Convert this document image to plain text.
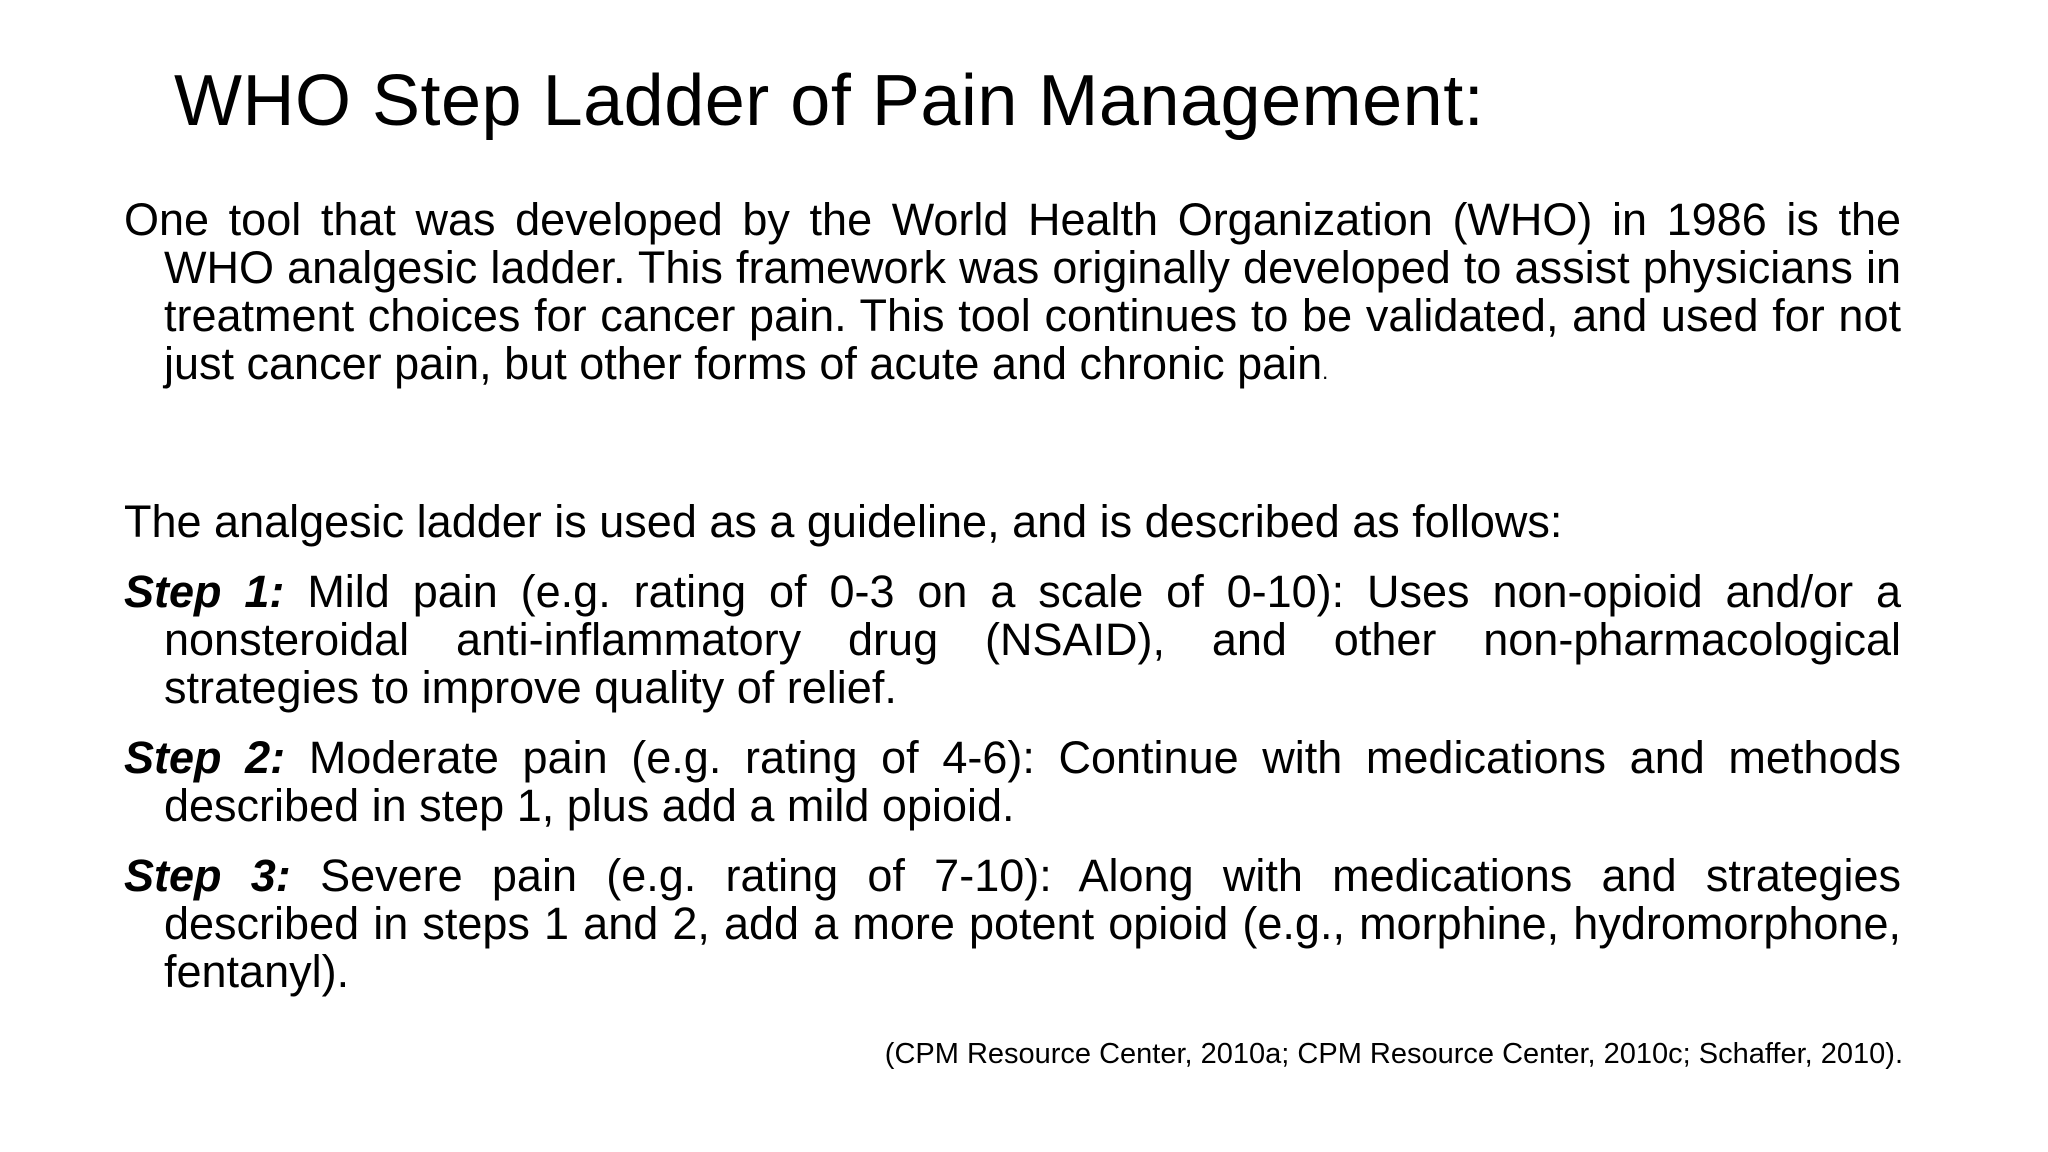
WHO Step Ladder of Pain Management:

One tool that was developed by the World Health Organization (WHO) in 1986 is the WHO analgesic ladder. This framework was originally developed to assist physicians in treatment choices for cancer pain. This tool continues to be validated, and used for not just cancer pain, but other forms of acute and chronic pain.

The analgesic ladder is used as a guideline, and is described as follows:

Step 1: Mild pain (e.g. rating of 0-3 on a scale of 0-10): Uses non-opioid and/or a nonsteroidal anti-inflammatory drug (NSAID), and other non-pharmacological strategies to improve quality of relief.

Step 2: Moderate pain (e.g. rating of 4-6): Continue with medications and methods described in step 1, plus add a mild opioid.

Step 3: Severe pain (e.g. rating of 7-10): Along with medications and strategies described in steps 1 and 2, add a more potent opioid (e.g., morphine, hydromorphone, fentanyl).

(CPM Resource Center, 2010a; CPM Resource Center, 2010c; Schaffer, 2010).
